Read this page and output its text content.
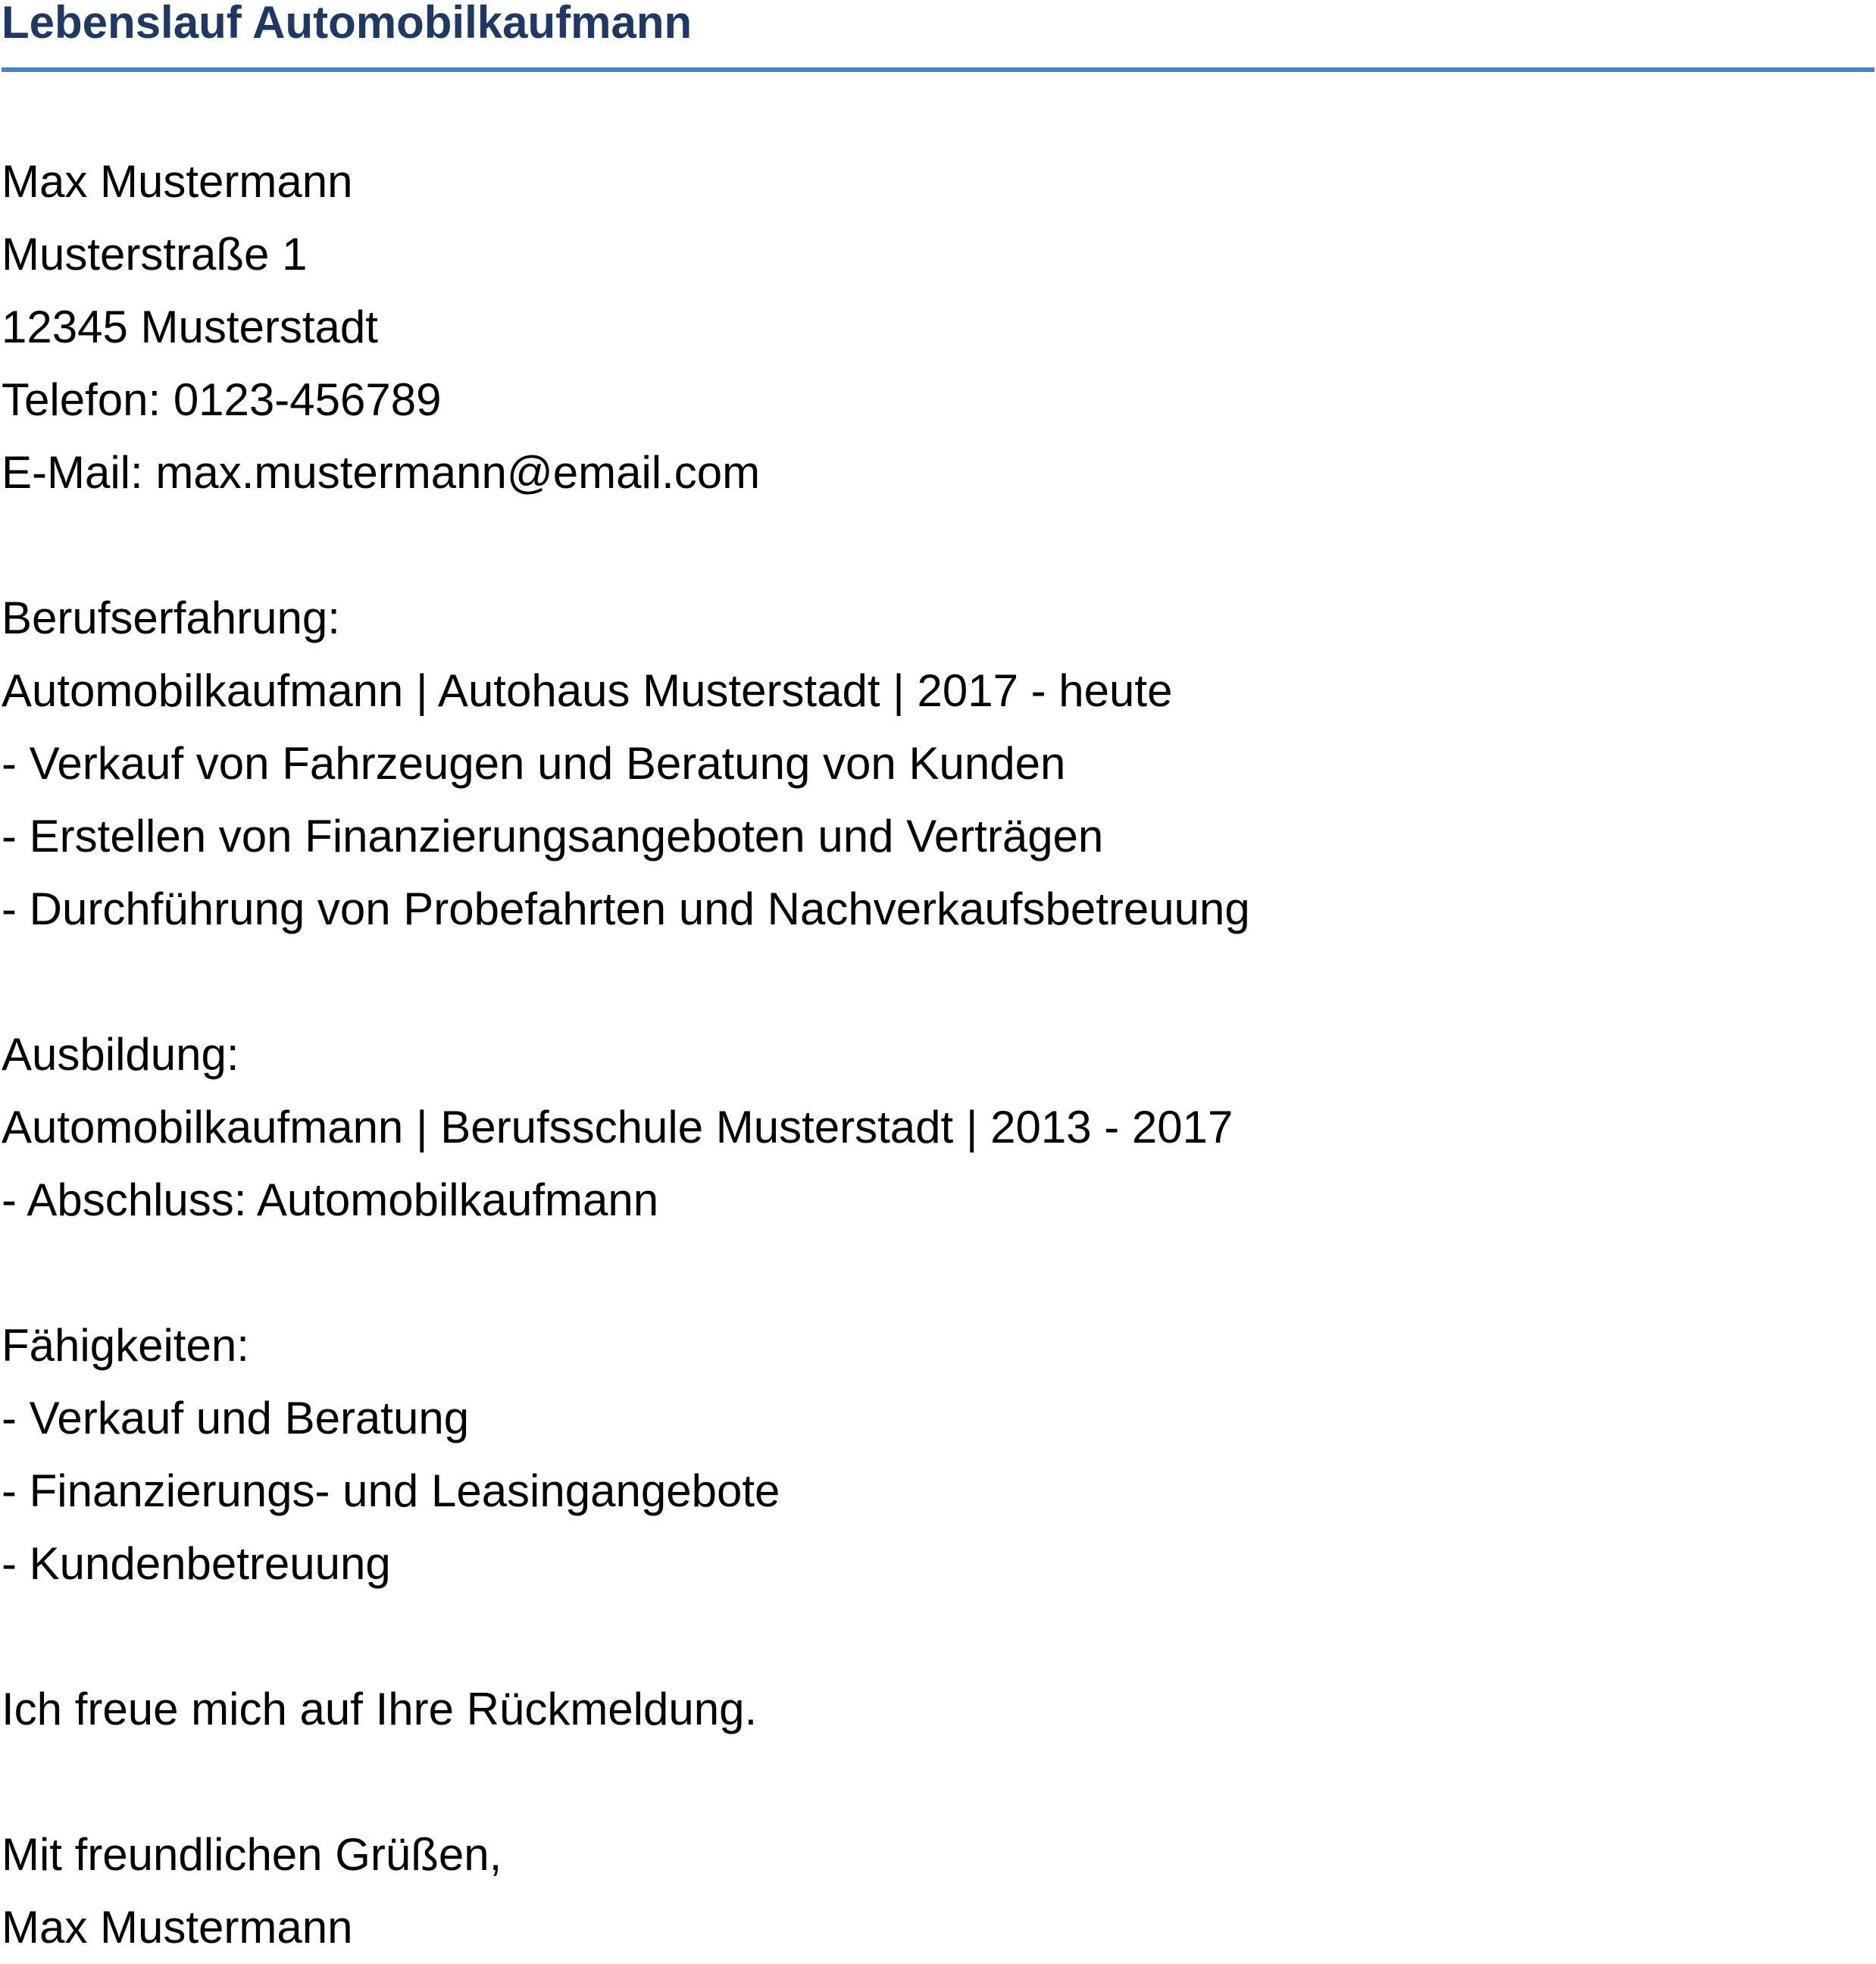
Lebenslauf Automobilkaufmann

Max Mustermann

Musterstraße 1

12345 Musterstadt

Telefon: 0123-456789

E-Mail: max.mustermann@email.com

Berufserfahrung:

Automobilkaufmann | Autohaus Musterstadt | 2017 - heute

- Verkauf von Fahrzeugen und Beratung von Kunden

- Erstellen von Finanzierungsangeboten und Verträgen

- Durchführung von Probefahrten und Nachverkaufsbetreuung

Ausbildung:

Automobilkaufmann | Berufsschule Musterstadt | 2013 - 2017

- Abschluss: Automobilkaufmann

Fähigkeiten:

- Verkauf und Beratung

- Finanzierungs- und Leasingangebote

- Kundenbetreuung

Ich freue mich auf Ihre Rückmeldung.

Mit freundlichen Grüßen,

Max Mustermann
